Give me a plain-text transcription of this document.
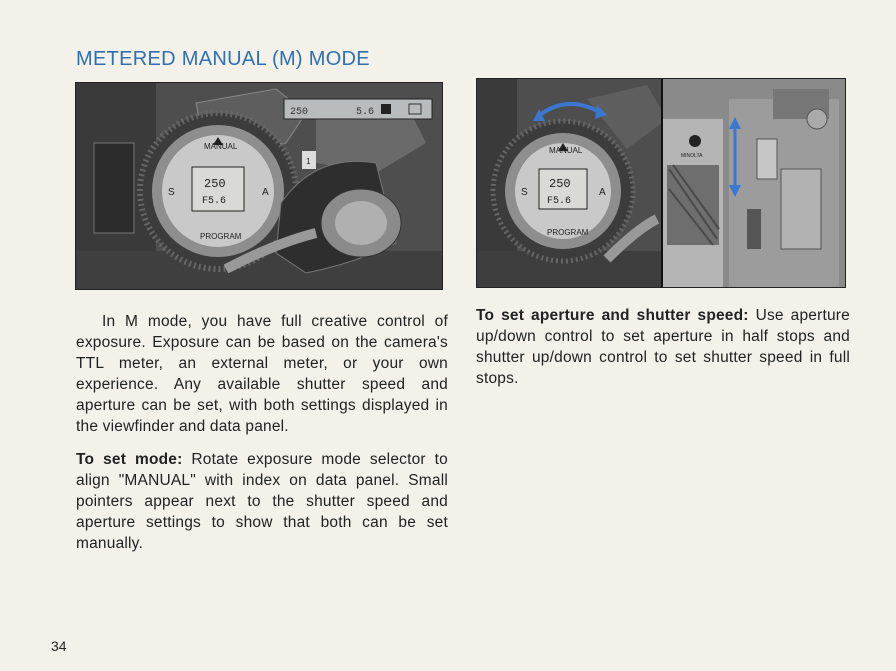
METERED MANUAL (M) MODE
250	5.6
MANUAL
PROGRAM
S	A
250
F5.6
1
MANUAL
PROGRAM
S	A
250
F5.6
MINOLTA

In M mode, you have full creative control of exposure. Exposure can be based on the camera's TTL meter, an external meter, or your own experience. Any available shutter speed and aperture can be set, with both settings displayed in the viewfinder and data panel.

To set mode: Rotate exposure mode selector to align "MANUAL" with index on data panel. Small pointers appear next to the shutter speed and aperture settings to show that both can be set manually.

To set aperture and shutter speed: Use aperture up/down control to set aperture in half stops and shutter up/down control to set shutter speed in full stops.

34
